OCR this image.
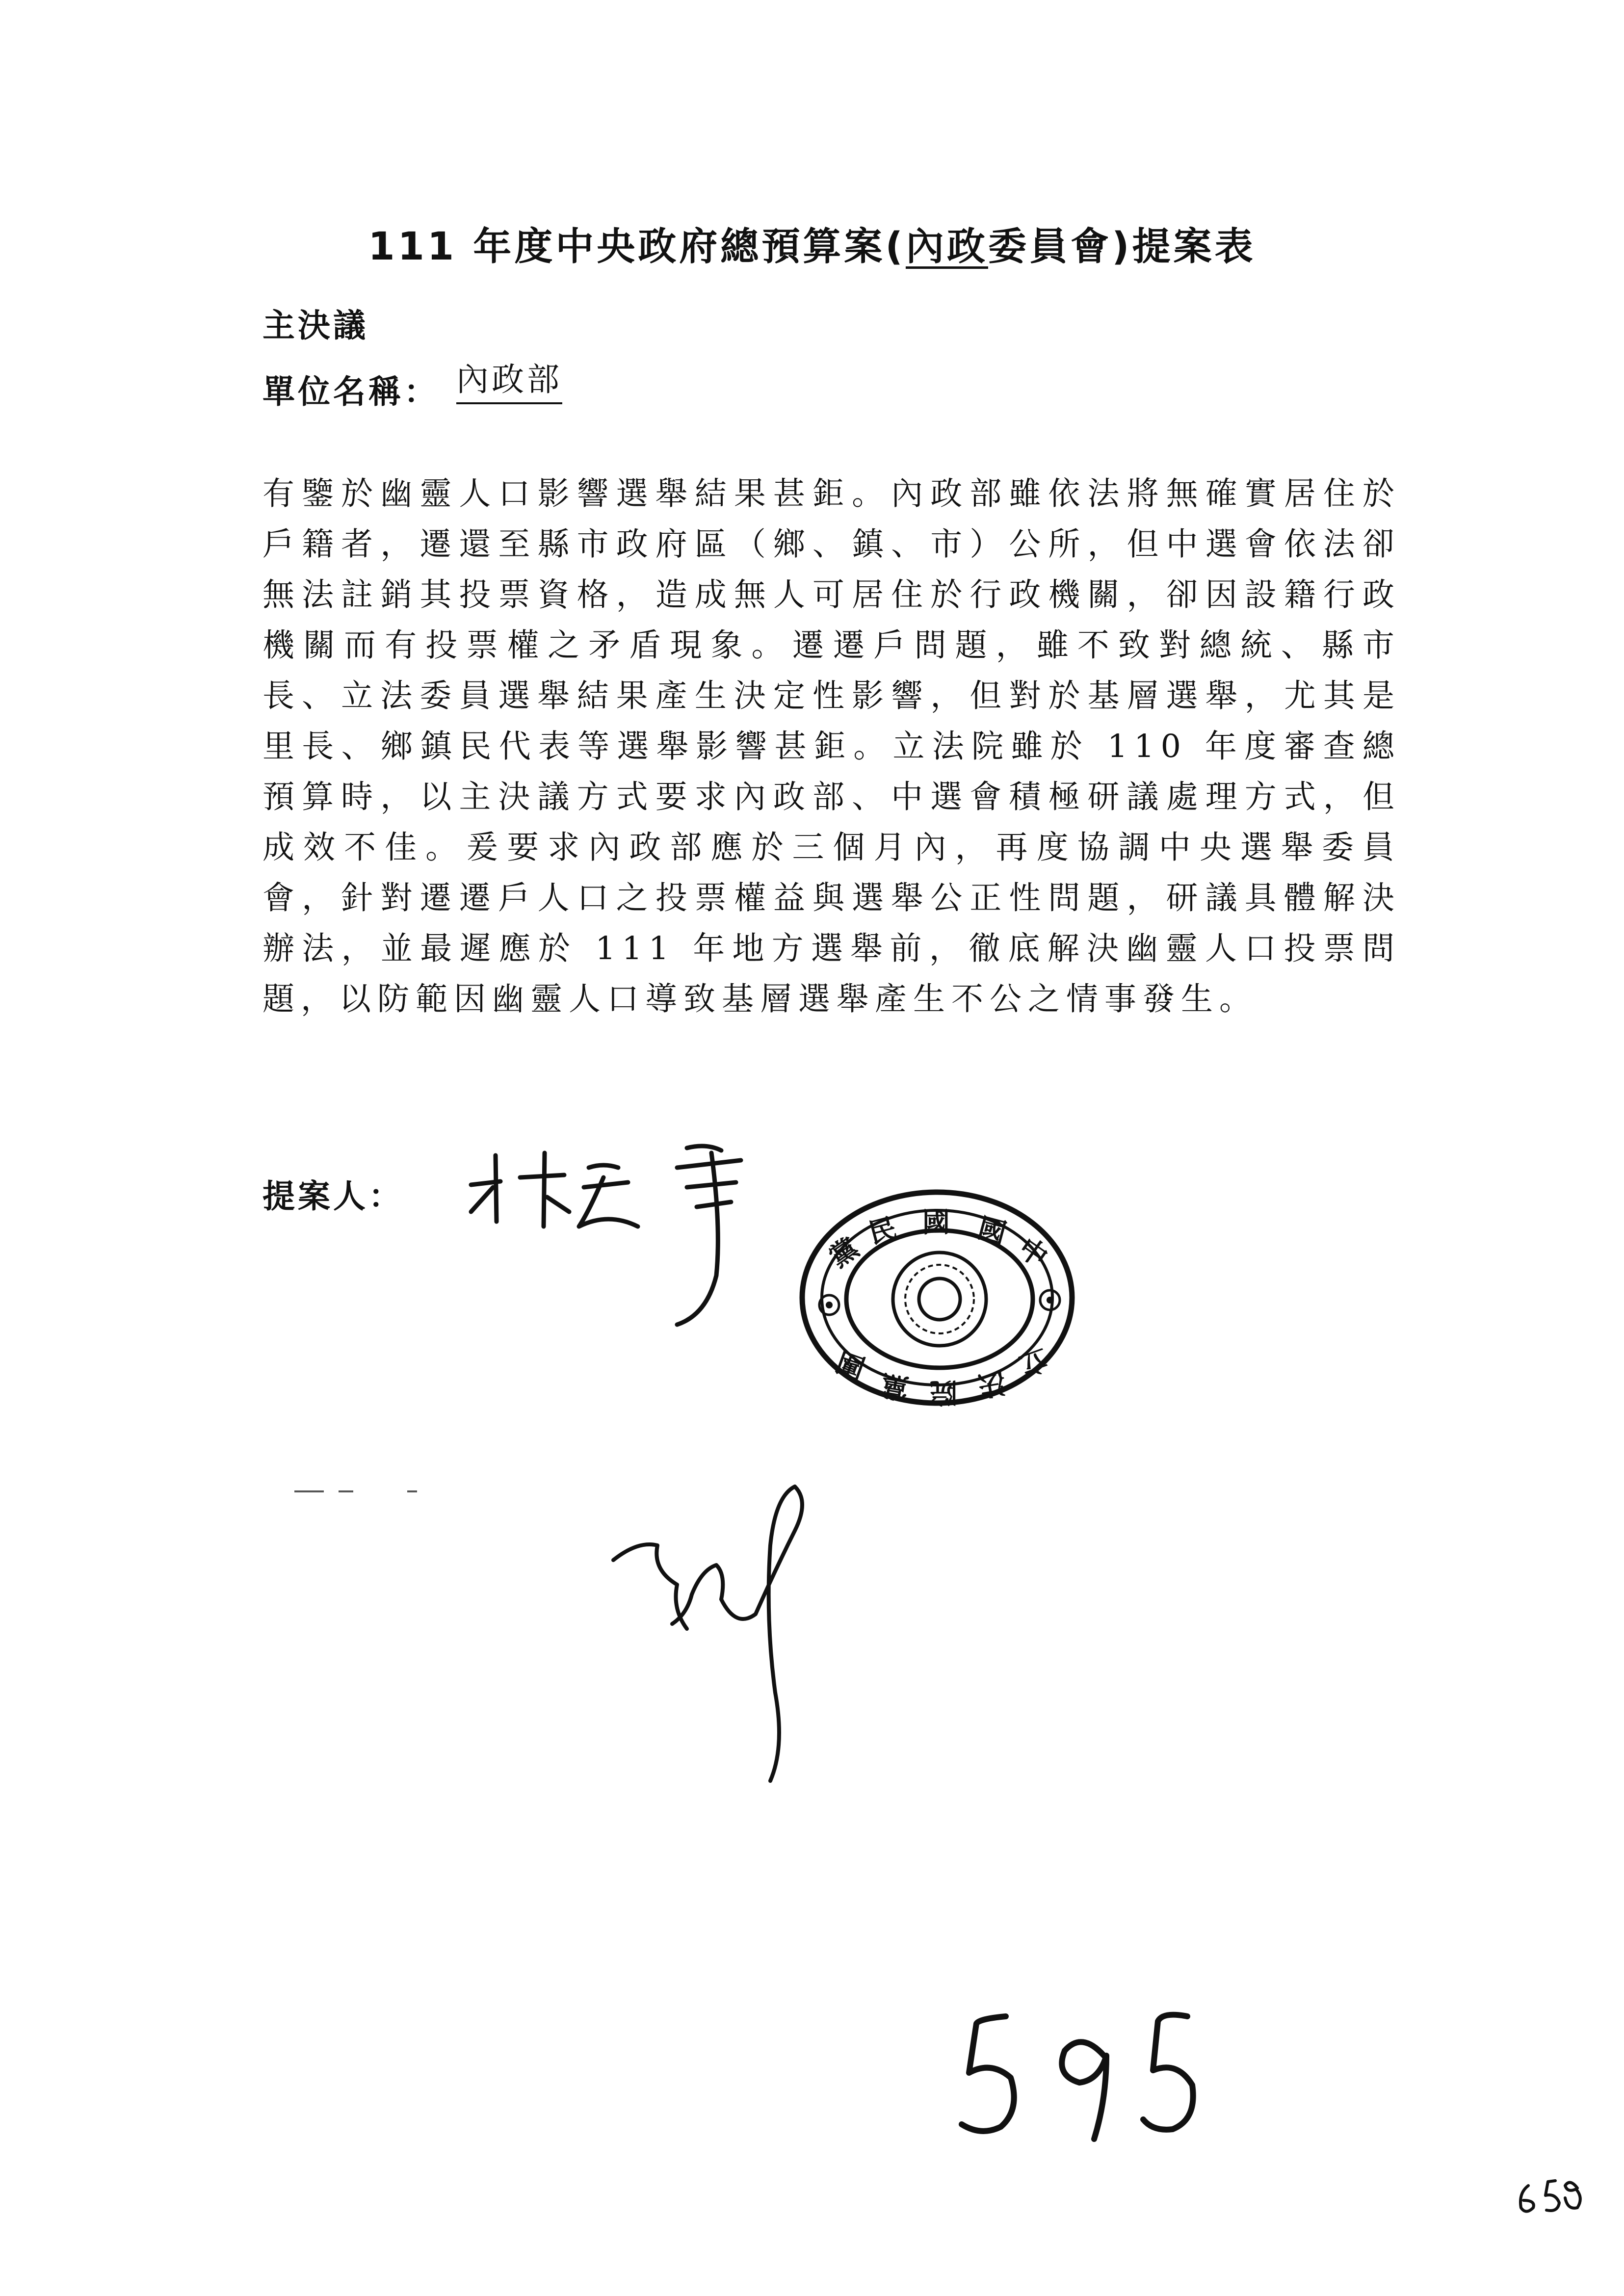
111 年度中央政府總預算案(內政委員會)提案表
主決議
單位名稱： 內政部
有鑒於幽靈人口影響選舉結果甚鉅。內政部雖依法將無確實居住於戶籍者，遷還至縣市政府區（鄉、鎮、市）公所，但中選會依法卻無法註銷其投票資格，造成無人可居住於行政機關，卻因設籍行政機關而有投票權之矛盾現象。遷遷戶問題，雖不致對總統、縣市長、立法委員選舉結果產生決定性影響，但對於基層選舉，尤其是里長、鄉鎮民代表等選舉影響甚鉅。立法院雖於 110 年度審查總預算時，以主決議方式要求內政部、中選會積極研議處理方式，但成效不佳。爰要求內政部應於三個月內，再度協調中央選舉委員會，針對遷遷戶人口之投票權益與選舉公正性問題，研議具體解決辦法，並最遲應於 111 年地方選舉前，徹底解決幽靈人口投票問題，以防範因幽靈人口導致基層選舉產生不公之情事發生。
提案人：
黨
民 國 國
中
團
黨 院 法
立
